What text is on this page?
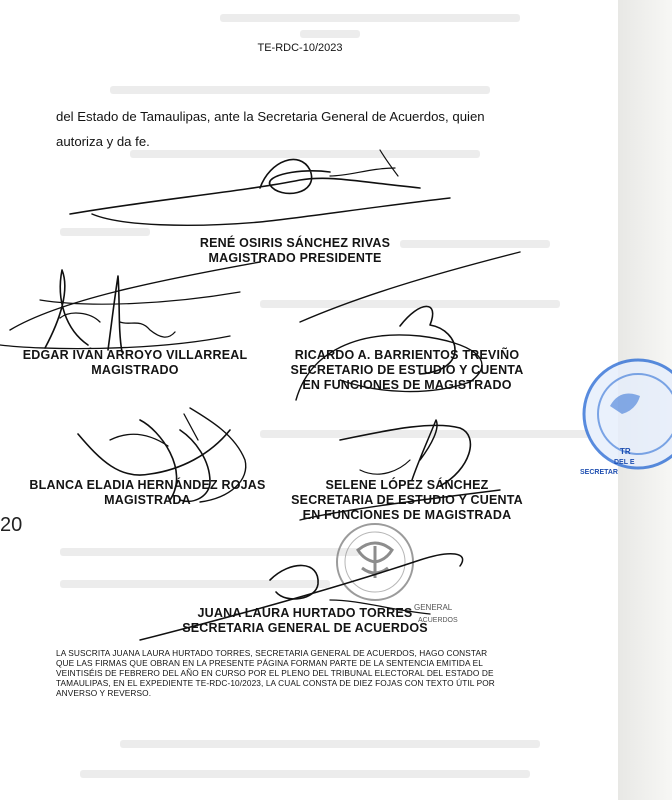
TE-RDC-10/2023
del Estado de Tamaulipas, ante la Secretaria General de Acuerdos, quien
autoriza y da fe.
20
RENÉ OSIRIS SÁNCHEZ RIVAS
MAGISTRADO PRESIDENTE
EDGAR IVÁN ARROYO VILLARREAL
MAGISTRADO
RICARDO A. BARRIENTOS TREVIÑO
SECRETARIO DE ESTUDIO Y CUENTA
EN FUNCIONES DE MAGISTRADO
BLANCA ELADIA HERNÁNDEZ ROJAS
MAGISTRADA
SELENE LÓPEZ SÁNCHEZ
SECRETARIA DE ESTUDIO Y CUENTA
EN FUNCIONES DE MAGISTRADA
JUANA LAURA HURTADO TORRES
SECRETARIA GENERAL DE ACUERDOS
GENERAL
ACUERDOS
LA SUSCRITA JUANA LAURA HURTADO TORRES, SECRETARIA GENERAL DE ACUERDOS, HAGO CONSTAR
QUE LAS FIRMAS QUE OBRAN EN LA PRESENTE PÁGINA FORMAN PARTE DE LA SENTENCIA EMITIDA EL
VEINTISÉIS DE FEBRERO DEL AÑO EN CURSO POR EL PLENO DEL TRIBUNAL ELECTORAL DEL ESTADO DE
TAMAULIPAS, EN EL EXPEDIENTE TE-RDC-10/2023, LA CUAL CONSTA DE DIEZ FOJAS CON TEXTO ÚTIL POR
ANVERSO Y REVERSO.
TR
DEL E
SECRETAR
